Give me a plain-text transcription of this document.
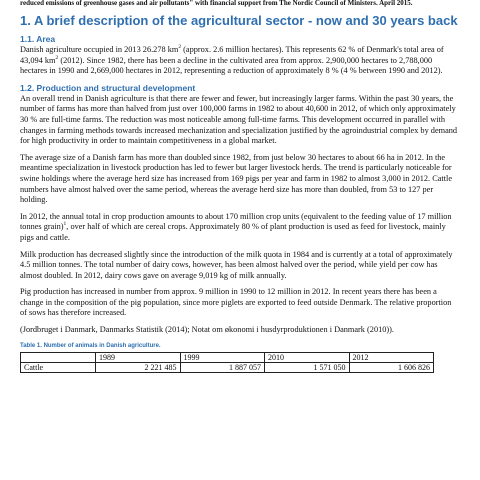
reduced emissions of greenhouse gases and air pollutants" with financial support from The Nordic Council of Ministers. April 2015.
1. A brief description of the agricultural sector - now and 30 years back
1.1. Area

Danish agriculture occupied in 2013 26.278 $km^2$ (approx. 2.6 million hectares). This represents 62 % of Denmark's total area of 43,094 $km^2$ (2012). Since 1982, there has been a decline in the cultivated area from approx. 2,900,000 hectares to 2,788,000 hectares in 1990 and 2,669,000 hectares in 2012, representing a reduction of approximately 8 % (4 % between 1990 and 2012).

1.2. Production and structural development

An overall trend in Danish agriculture is that there are fewer and fewer, but increasingly larger farms. Within the past 30 years, the number of farms has more than halved from just over 100,000 farms in 1982 to about 40,600 in 2012, of which only approximately 30 % are full-time farms. The reduction was most noticeable among full-time farms. This development occurred in parallel with changes in farming methods towards increased mechanization and specialization justified by the agroindustrial complex by demand for high productivity in order to maintain competitiveness in a global market.

The average size of a Danish farm has more than doubled since 1982, from just below 30 hectares to about 66 ha in 2012. In the meantime specialization in livestock production has led to fewer but larger livestock herds. The trend is particularly noticeable for swine holdings where the average herd size has increased from 169 pigs per year and farm in 1982 to almost 3,000 in 2012. Cattle numbers have almost halved over the same period, whereas the average herd size has more than doubled, from 53 to 127 per holding.

In 2012, the annual total in crop production amounts to about 170 million crop units (equivalent to the feeding value of 17 million tonnes grain)$^1$, over half of which are cereal crops. Approximately 80 % of plant production is used as feed for livestock, mainly pigs and cattle.

Milk production has decreased slightly since the introduction of the milk quota in 1984 and is currently at a total of approximately 4.5 million tonnes. The total number of dairy cows, however, has been almost halved over the period, while yield per cow has almost doubled. In 2012, dairy cows gave on average 9,019 kg of milk annually.

Pig production has increased in number from approx. 9 million in 1990 to 12 million in 2012. In recent years there has been a change in the composition of the pig population, since more piglets are exported to feed outside Denmark. The relative proportion of sows has therefore increased.

(Jordbruget i Danmark, Danmarks Statistik (2014); Notat om økonomi i husdyrproduktionen i Danmark (2010)).

Table 1. Number of animals in Danish agriculture.
	1989	1999	2010	2012
Cattle	2 221 485	1 887 057	1 571 050	1 606 826
